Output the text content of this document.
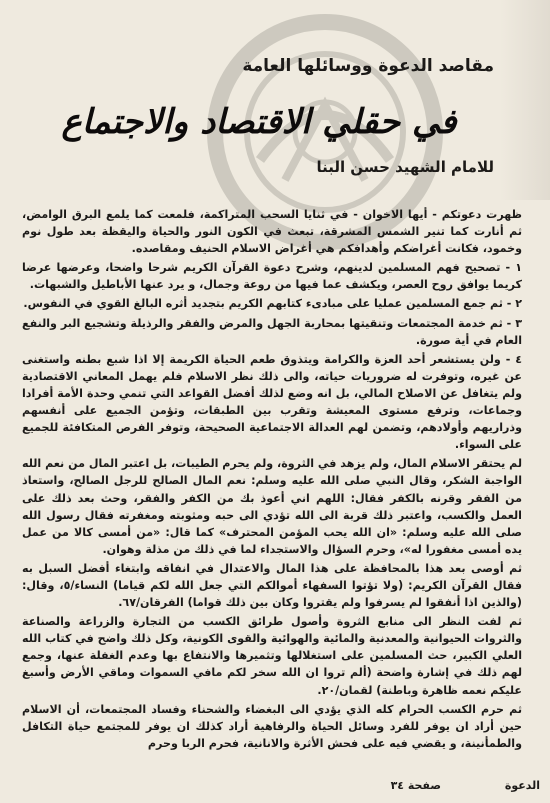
مقاصد الدعوة ووسائلها العامة
في حقلي الاقتصاد والاجتماع
للامام الشهيد حسن البنا

ظهرت دعوتكم - أيها الاخوان - في ثنايا السحب المتراكمة، فلمعت كما يلمع البرق الوامض، ثم أنارت كما تنير الشمس المشرقة، تبعث في الكون النور والحياة واليقظة بعد طول نوم وخمود، فكانت أغراضكم وأهدافكم هي أغراض الاسلام الحنيف ومقاصده.

١ - تصحيح فهم المسلمين لدينهم، وشرح دعوة القرآن الكريم شرحا واضحا، وعرضها عرضا كريما يوافق روح العصر، ويكشف عما فيها من روعة وجمال، و يرد عنها الأباطيل والشبهات.

٢ - ثم جمع المسلمين عمليا على مبادىء كتابهم الكريم بتجديد أثره البالغ القوي في النفوس.

٣ - ثم خدمة المجتمعات وتنقيتها بمحاربة الجهل والمرض والفقر والرذيلة وتشجيع البر والنفع العام في أية صورة.

٤ - ولن يستشعر أحد العزة والكرامة ويتذوق طعم الحياة الكريمة إلا اذا شبع بطنه واستغنى عن غيره، وتوفرت له ضروريات حياته، والى ذلك نظر الاسلام فلم يهمل المعاني الاقتصادية ولم يتغافل عن الاصلاح المالي، بل انه وضع لذلك أفضل القواعد التي تنمي وحدة الأمة أفرادا وجماعات، وترفع مستوى المعيشة وتقرب بين الطبقات، وتؤمن الجميع على أنفسهم وذراريهم وأولادهم، وتضمن لهم العدالة الاجتماعية الصحيحة، وتوفر الفرص المتكافئة للجميع على السواء.

لم يحتقر الاسلام المال، ولم يزهد في الثروة، ولم يحرم الطيبات، بل اعتبر المال من نعم الله الواجبة الشكر، وقال النبي صلى الله عليه وسلم: نعم المال الصالح للرجل الصالح، واستعاذ من الفقر وقرنه بالكفر فقال: اللهم اني أعوذ بك من الكفر والفقر، وحث بعد ذلك على العمل والكسب، واعتبر ذلك قربة الى الله تؤدي الى حبه ومثوبته ومغفرته فقال رسول الله صلى الله عليه وسلم: «ان الله يحب المؤمن المحترف» كما قال: «من أمسى كالا من عمل يده أمسى مغفورا له»، وحرم السؤال والاستجداء لما في ذلك من مذلة وهوان.

ثم أوصى بعد هذا بالمحافظة على هذا المال والاعتدال في انفاقه وابتغاء أفضل السبل به فقال القرآن الكريم: (ولا تؤتوا السفهاء أموالكم التي جعل الله لكم قياما) النساء/٥، وقال: (والذين اذا أنفقوا لم يسرفوا ولم يقتروا وكان بين ذلك قواما) الفرقان/٦٧.

ثم لفت النظر الى منابع الثروة وأصول طرائق الكسب من التجارة والزراعة والصناعة والثروات الحيوانية والمعدنية والمائية والهوائية والقوى الكونية، وكل ذلك واضح في كتاب الله العلي الكبير، حث المسلمين على استغلالها وتثميرها والانتفاع بها وعدم الغفلة عنها، وجمع لهم ذلك في إشارة واضحة (ألم تروا ان الله سخر لكم مافي السموات وماقي الأرض وأسبغ عليكم نعمه ظاهرة وباطنة) لقمان/٢٠.

ثم حرم الكسب الحرام كله الذي يؤدي الى البغضاء والشحناء وفساد المجتمعات، أن الاسلام حين أراد ان يوفر للفرد وسائل الحياة والرفاهية أراد كذلك ان يوفر للمجتمع حياة التكافل والطمأنينة، و يقضي فيه على فحش الأثرة والانانية، فحرم الربا وحرم

الدعوة صفحة ٣٤
